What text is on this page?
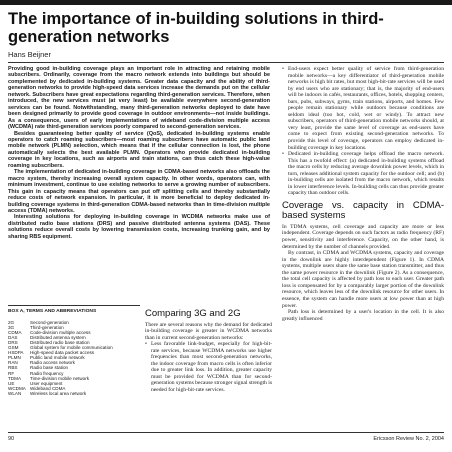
The importance of in-building solutions in third-generation networks
Hans Beijner

Providing good in-building coverage plays an important role in attracting and retaining mobile subscribers. Ordinarily, coverage from the macro network extends into buildings but should be complemented by dedicated in-building systems. Greater data capacity and the ability of third-generation networks to provide high-speed data services increase the demands put on the cellular network. Subscribers have great expectations regarding third-generation services. Therefore, when introduced, the new services must (at very least) be available everywhere second-generation services can be found. Notwithstanding, many third-generation networks deployed to date have been designed primarily to provide good coverage in outdoor environments—not inside buildings. As a consequence, users of early implementations of wideband code-division multiple access (WCDMA) rate third-generation services poorly compared to second-generation services.

Besides guaranteeing better quality of service (QoS), dedicated in-building systems enable operators to catch roaming subscribers—most roaming subscribers have automatic public land mobile network (PLMN) selection, which means that if the cellular connection is lost, the phone automatically selects the best available PLMN. Operators who provide dedicated in-building coverage in key locations, such as airports and train stations, can thus catch these high-value roaming subscribers.

The implementation of dedicated in-building coverage in CDMA-based networks also offloads the macro system, thereby increasing overall system capacity. In other words, operators can, with minimum investment, continue to use existing networks to serve a growing number of subscribers. This gain in capacity means that operators can put off splitting cells and thereby substantially reduce costs of network expansion. In particular, it is more beneficial to deploy dedicated in-building coverage systems in third-generation CDMA-based networks than in time-division multiple access (TDMA) networks.

Interesting solutions for deploying in-building coverage in WCDMA networks make use of distributed radio base stations (DRS) and passive distributed antenna systems (DAS). These solutions reduce overall costs by lowering transmission costs, increasing trunking gain, and by sharing RBS equipment.

• End-users expect better quality of service from third-generation mobile networks—a key differentiator of third-generation mobile networks is high bit rates, but most high-bit-rate services will be used by end users who are stationary; that is, the majority of end-users will be indoors in cafés, restaurants, offices, hotels, shopping centers, bars, pubs, subways, gyms, train stations, airports, and homes. Few people remain stationary while outdoors because conditions are seldom ideal (too hot, cold, wet or windy). To attract new subscribers, operators of third-generation mobile networks should, at very least, provide the same level of coverage as end-users have come to expect from existing second-generation networks. To provide this level of coverage, operators can employ dedicated in-building coverage in key locations.
• Dedicated in-building coverage helps offload the macro network. This has a twofold effect: (a) dedicated in-building systems offload the macro cells by reducing average downlink power levels, which in turn, releases additional system capacity for the outdoor cell; and (b) in-building cells are isolated from the macro network, which results in lower interference levels. In-building cells can thus provide greater capacity than outdoor cells.
Coverage vs. capacity in CDMA-based systems

In TDMA systems, cell coverage and capacity are more or less independent. Coverage depends on such factors as radio frequency (RF) power, sensitivity and interference. Capacity, on the other hand, is determined by the number of channels provided.

By contrast, in CDMA and WCDMA systems, capacity and coverage in the downlink are highly interdependent (Figure 1). In CDMA systems, multiple users share the same base station transmitter, and thus the same power resource in the downlink (Figure 2). As a consequence, the total cell capacity is affected by path loss to each user. Greater path loss is compensated for by a comparably larger portion of the downlink resource, which leaves less of the downlink resource for other users. In essence, the system can handle more users at low power than at high power.

Path loss is determined by a user's location in the cell. It is also greatly influenced

BOX A, TERMS AND ABBREVIATIONS
2G	Second-generation
3G	Third-generation
CDMA	Code-division multiple access
DAS	Distributed antenna system
DRS	Distributed radio base station
GSM	Global system for mobile communication
HSDPA	High-speed data packet access
PLMN	Public land mobile network
RAN	Radio access network
RBS	Radio base station
RF	Radio frequency
TDMA	Time-division mobile network
UE	User equipment
WCDMA Wideband CDMA
WLAN	Wireless local area network
Comparing 3G and 2G

There are several reasons why the demand for dedicated in-building coverage is greater in WCDMA networks than in current second-generation networks:

• Less favorable link-budget, especially for high-bit-rate services, because WCDMA networks use higher frequencies than most second-generation networks, the indoor coverage from macro cells is often inferior due to greater link loss. In addition, greater capacity must be provided for WCDMA than for second-generation systems because stronger signal strength is needed for high-bit-rate services.
90	Ericsson Review No. 2, 2004
